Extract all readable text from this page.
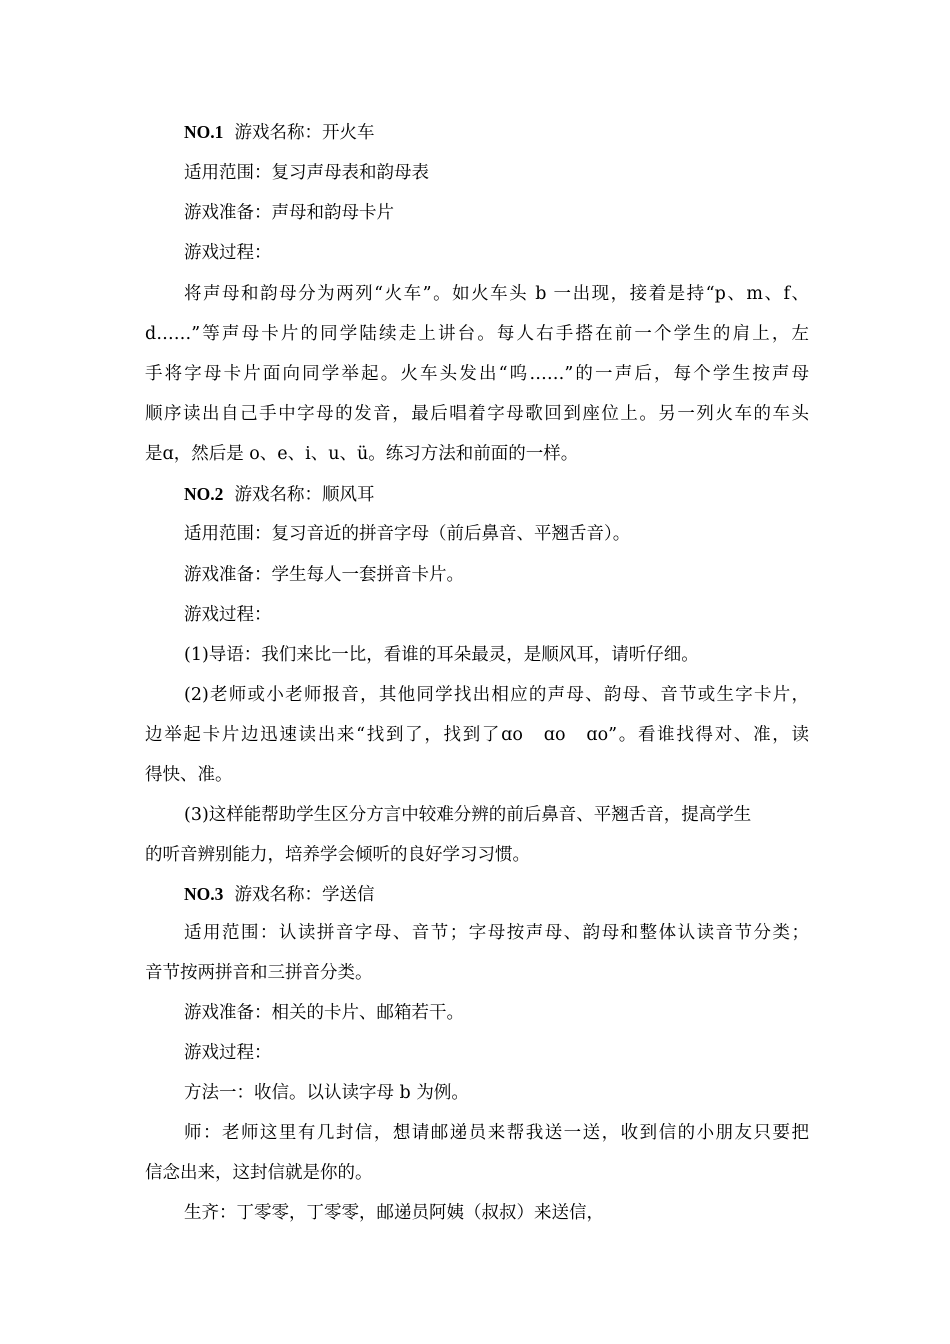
NO.1 游戏名称：开火车
适用范围：复习声母表和韵母表
游戏准备：声母和韵母卡片
游戏过程：
将声母和韵母分为两列“火车”。如火车头 b 一出现，接着是持“p、m、f、
d……”等声母卡片的同学陆续走上讲台。每人右手搭在前一个学生的肩上，左
手将字母卡片面向同学举起。火车头发出“呜……”的一声后，每个学生按声母
顺序读出自己手中字母的发音，最后唱着字母歌回到座位上。另一列火车的车头
是ɑ，然后是 o、e、i、u、ü。练习方法和前面的一样。
NO.2 游戏名称：顺风耳
适用范围：复习音近的拼音字母（前后鼻音、平翘舌音）。
游戏准备：学生每人一套拼音卡片。
游戏过程：
(1)导语：我们来比一比，看谁的耳朵最灵，是顺风耳，请听仔细。
(2)老师或小老师报音，其他同学找出相应的声母、韵母、音节或生字卡片，
边举起卡片边迅速读出来“找到了，找到了ɑo　ɑo　ɑo”。看谁找得对、准，读
得快、准。
(3)这样能帮助学生区分方言中较难分辨的前后鼻音、平翘舌音，提高学生
的听音辨别能力，培养学会倾听的良好学习习惯。
NO.3 游戏名称：学送信
适用范围：认读拼音字母、音节；字母按声母、韵母和整体认读音节分类；
音节按两拼音和三拼音分类。
游戏准备：相关的卡片、邮箱若干。
游戏过程：
方法一：收信。以认读字母 b 为例。
师：老师这里有几封信，想请邮递员来帮我送一送，收到信的小朋友只要把
信念出来，这封信就是你的。
生齐：丁零零，丁零零，邮递员阿姨（叔叔）来送信，
